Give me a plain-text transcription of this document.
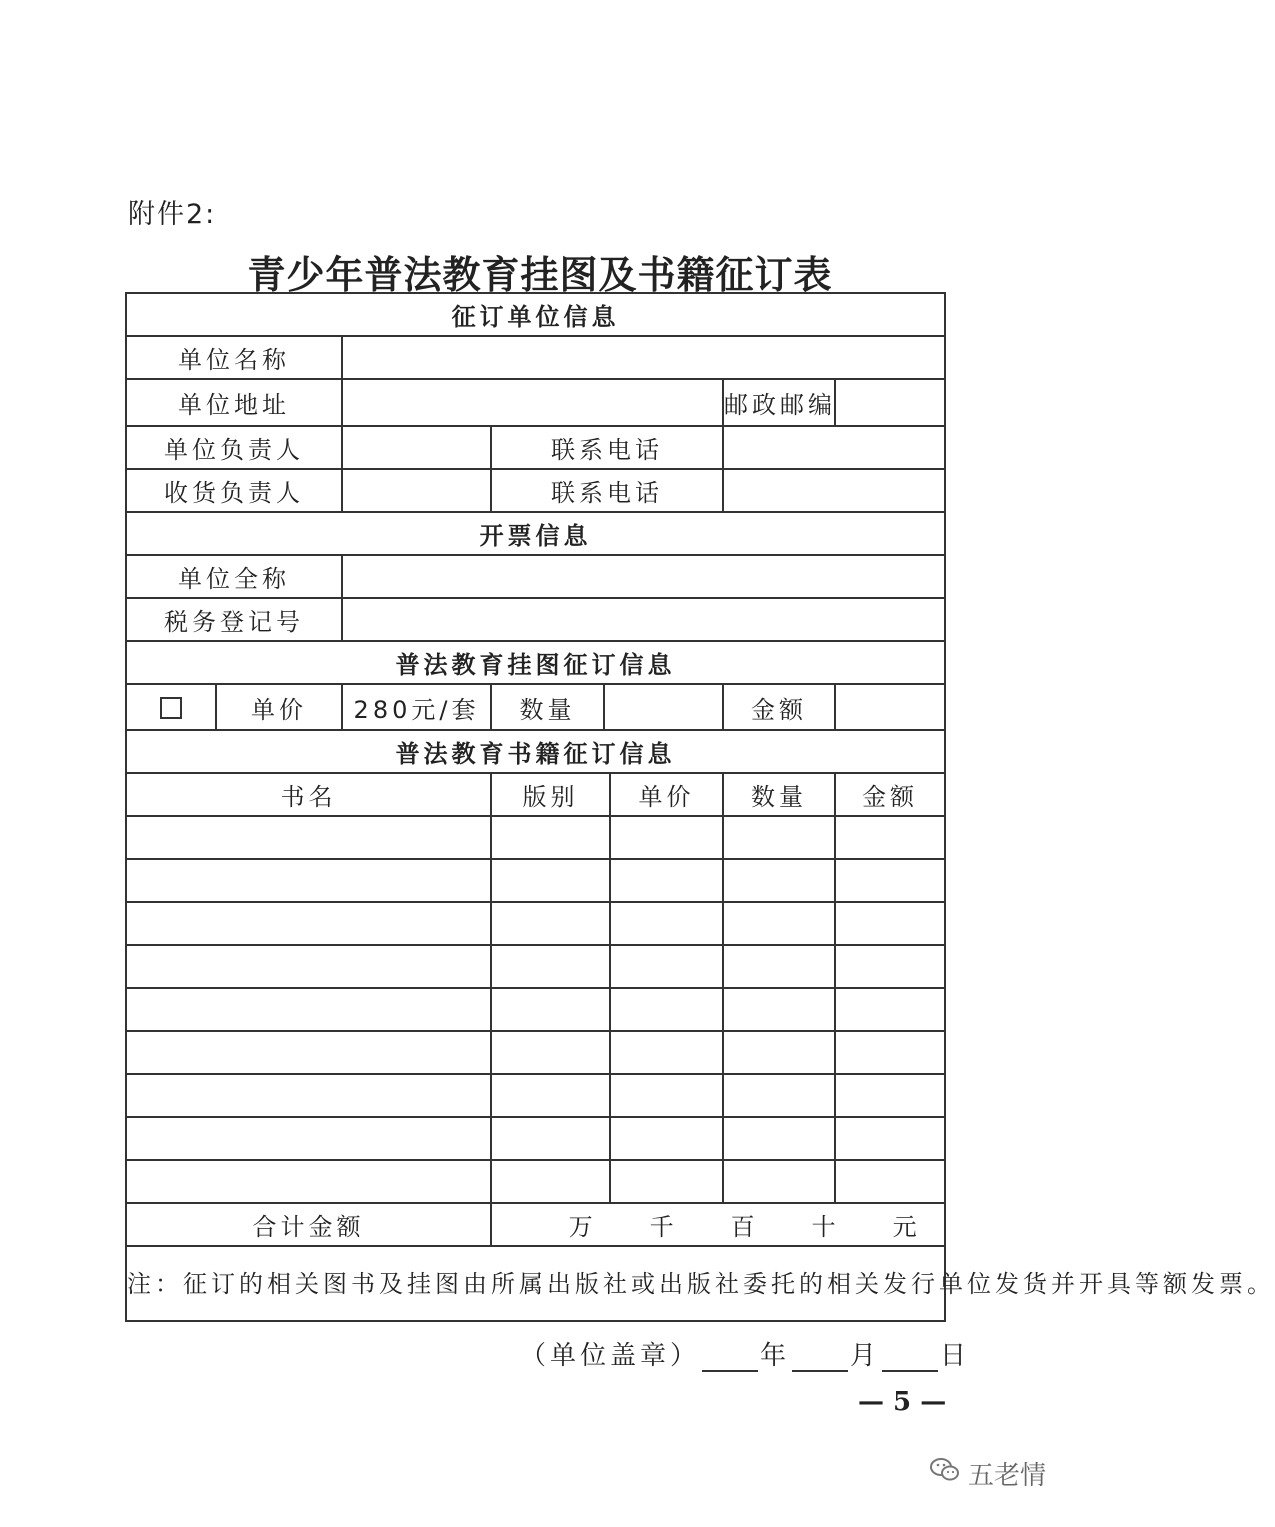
附件2:
青少年普法教育挂图及书籍征订表
征订单位信息							
单位名称							
单位地址						邮政邮编	
单位负责人			联系电话				
收货负责人			联系电话				
开票信息							
单位全称							
税务登记号							
普法教育挂图征订信息							
	单价	280元/套	数量			金额	
普法教育书籍征订信息							
书名			版别		单价	数量	金额

合计金额			万 千 百 十 元				
注：征订的相关图书及挂图由所属出版社或出版社委托的相关发行单位发货并开具等额发票。							
（单位盖章） 年 月 日
— 5 —
五老情
